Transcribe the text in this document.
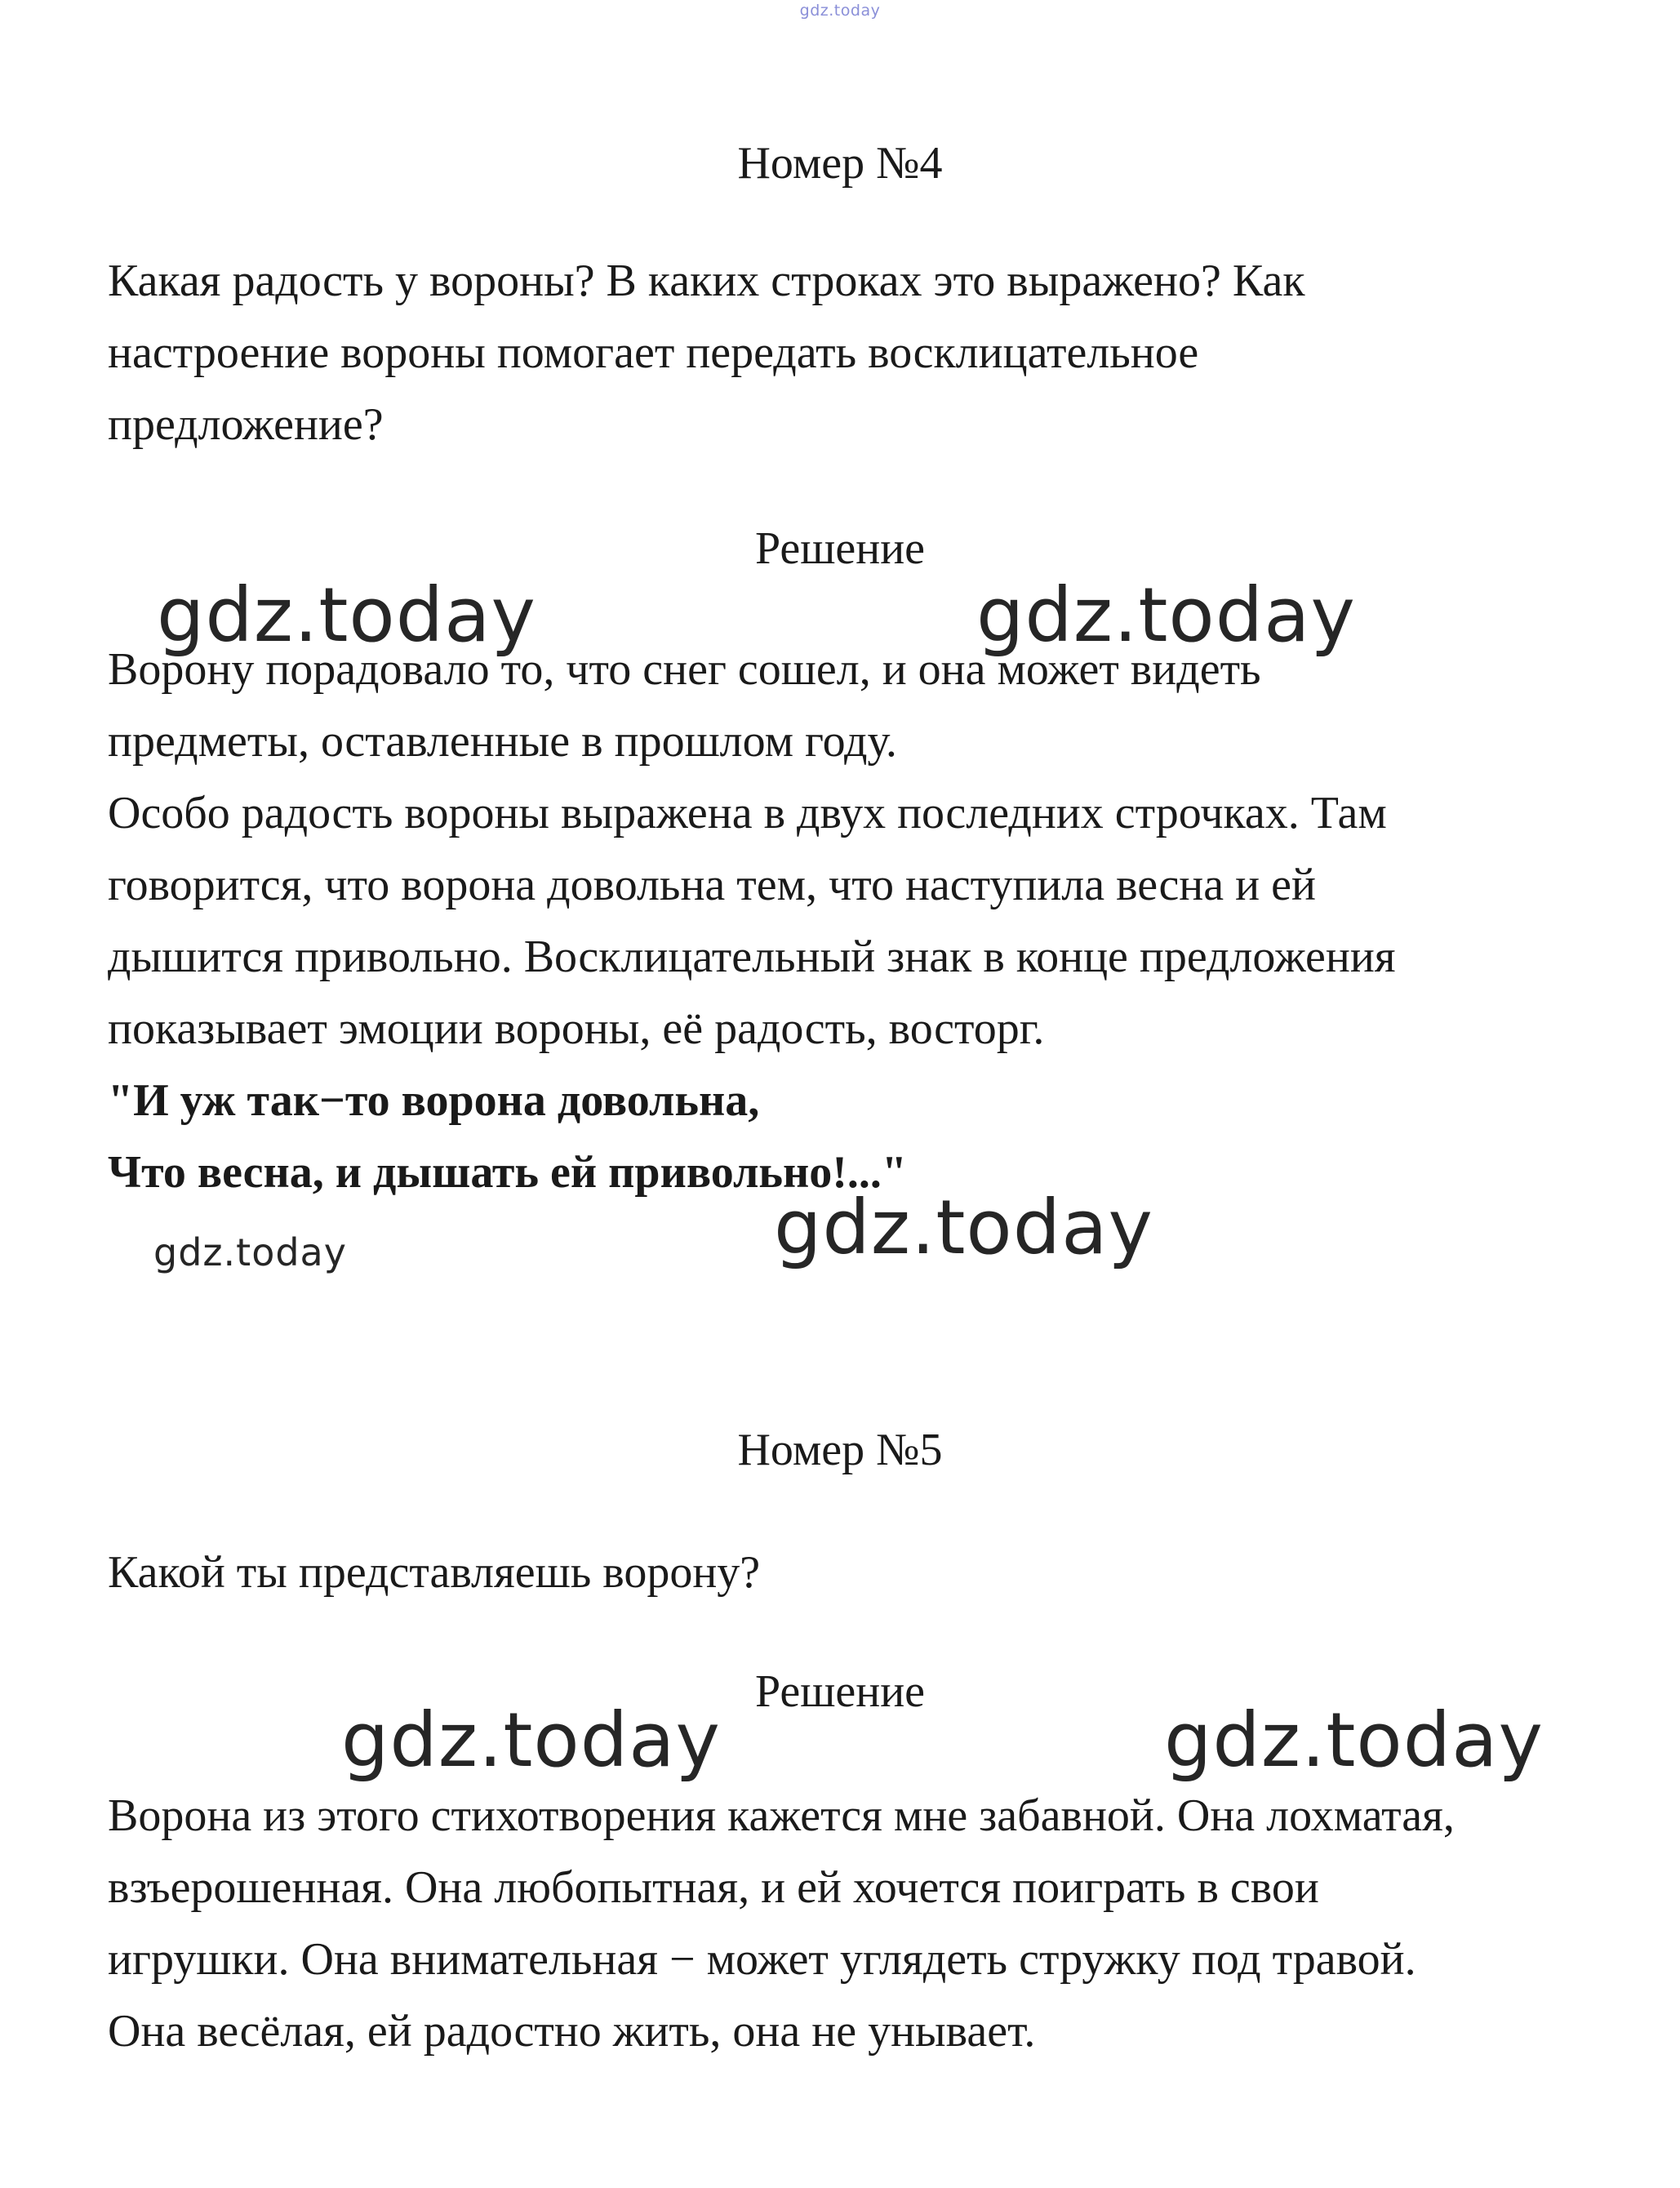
gdz.today
Номер №4
Какая радость у вороны? В каких строках это выражено? Как
настроение вороны помогает передать восклицательное
предложение?
Решение
gdz.today	gdz.today
Ворону порадовало то, что снег сошел, и она может видеть
предметы, оставленные в прошлом году.
Особо радость вороны выражена в двух последних строчках. Там
говорится, что ворона довольна тем, что наступила весна и ей
дышится привольно. Восклицательный знак в конце предложения
показывает эмоции вороны, её радость, восторг.
"И уж так−то ворона довольна,
Что весна, и дышать ей привольно!..."
gdz.today
gdz.today
Номер №5
Какой ты представляешь ворону?
Решение
gdz.today	gdz.today
Ворона из этого стихотворения кажется мне забавной. Она лохматая,
взъерошенная. Она любопытная, и ей хочется поиграть в свои
игрушки. Она внимательная − может углядеть стружку под травой.
Она весёлая, ей радостно жить, она не унывает.
